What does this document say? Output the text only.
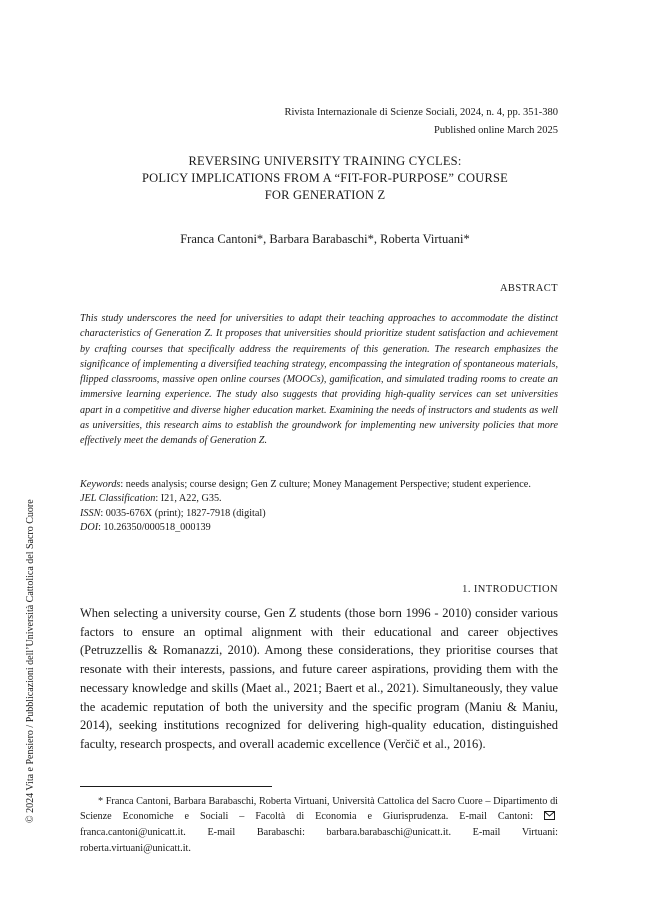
Rivista Internazionale di Scienze Sociali, 2024, n. 4, pp. 351-380
Published online March 2025
REVERSING UNIVERSITY TRAINING CYCLES:
POLICY IMPLICATIONS FROM A “FIT-FOR-PURPOSE” COURSE
FOR GENERATION Z
Franca Cantoni*, Barbara Barabaschi*, Roberta Virtuani*
ABSTRACT

This study underscores the need for universities to adapt their teaching approaches to accommodate the distinct characteristics of Generation Z. It proposes that universities should prioritize student satisfaction and achievement by crafting courses that specifically address the requirements of this generation. The research emphasizes the significance of implementing a diversified teaching strategy, encompassing the integration of spontaneous materials, flipped classrooms, massive open online courses (MOOCs), gamification, and simulated trading rooms to create an immersive learning experience. The study also suggests that providing high-quality services can set universities apart in a competitive and diverse higher education market. Examining the needs of instructors and students as well as universities, this research aims to establish the groundwork for implementing new university policies that more effectively meet the demands of Generation Z.

Keywords: needs analysis; course design; Gen Z culture; Money Management Perspective; student experience.
JEL Classification: I21, A22, G35.
ISSN: 0035-676X (print); 1827-7918 (digital)
DOI: 10.26350/000518_000139
1. INTRODUCTION

When selecting a university course, Gen Z students (those born 1996 - 2010) consider various factors to ensure an optimal alignment with their educational and career objectives (Petruzzellis & Romanazzi, 2010). Among these considerations, they prioritise courses that resonate with their interests, passions, and future career aspirations, providing them with the necessary knowledge and skills (Maet al., 2021; Baert et al., 2021). Simultaneously, they value the academic reputation of both the university and the specific program (Maniu & Maniu, 2014), seeking institutions recognized for delivering high-quality education, distinguished faculty, research prospects, and overall academic excellence (Verčič et al., 2016).

* Franca Cantoni, Barbara Barabaschi, Roberta Virtuani, Università Cattolica del Sacro Cuore – Dipartimento di Scienze Economiche e Sociali – Facoltà di Economia e Giurisprudenza. E-mail Cantoni: franca.cantoni@unicatt.it. E-mail Barabaschi: barbara.barabaschi@unicatt.it. E-mail Virtuani: roberta.virtuani@unicatt.it.

© 2024 Vita e Pensiero / Pubblicazioni dell’Università Cattolica del Sacro Cuore
